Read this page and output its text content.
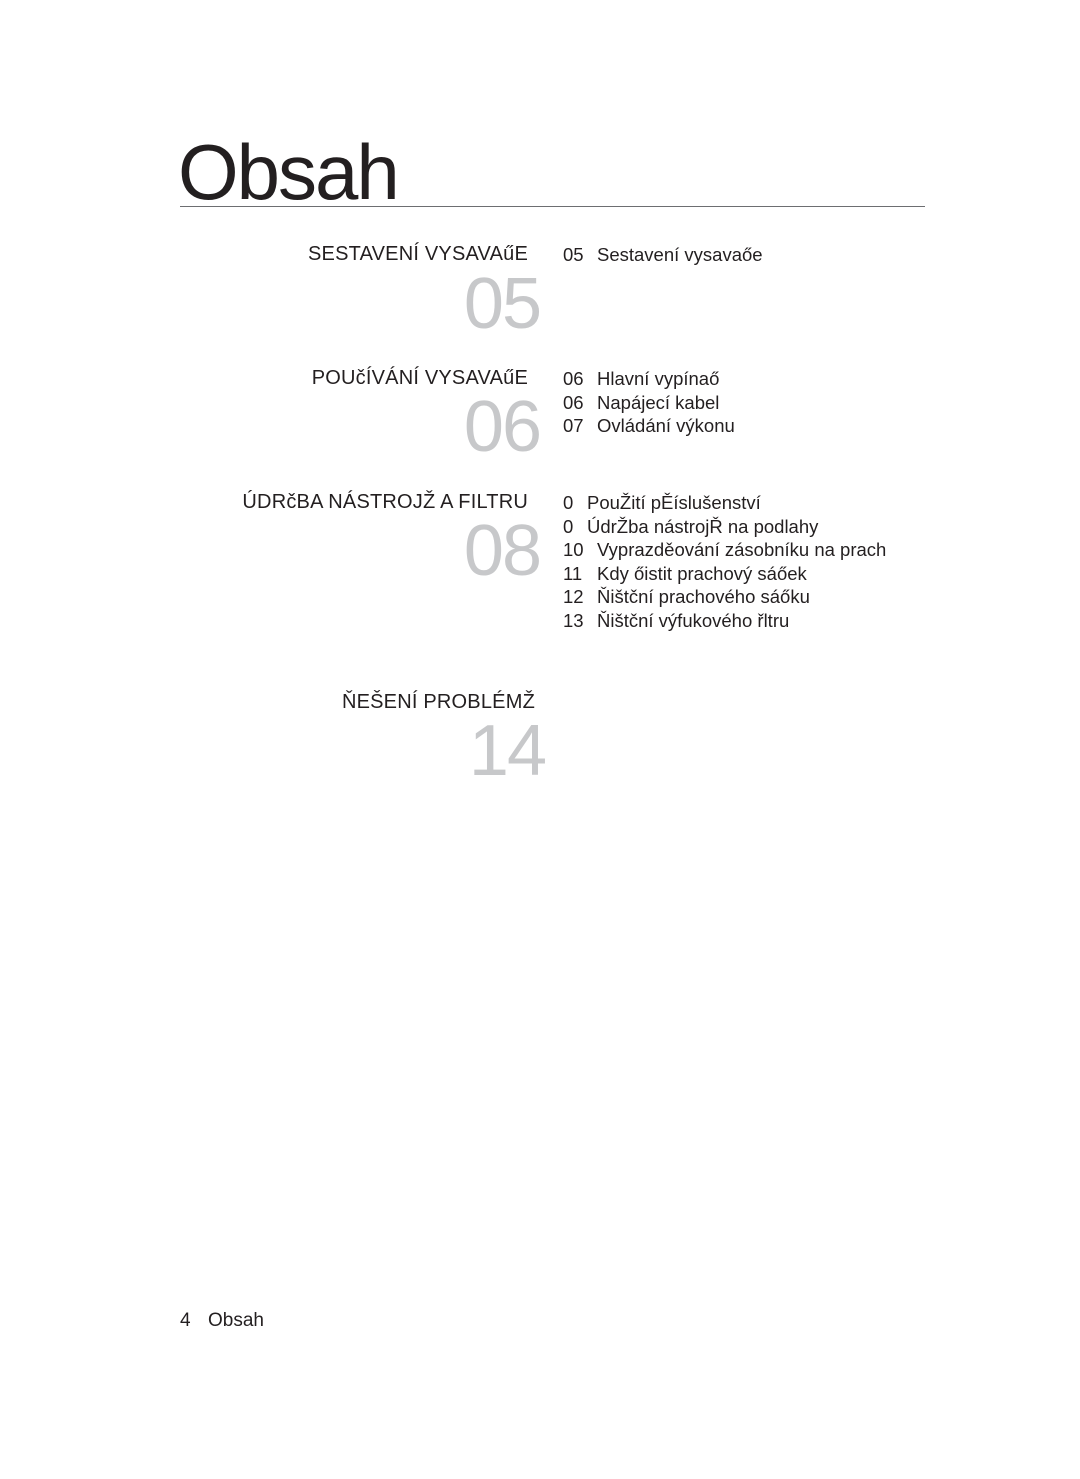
Obsah
SESTAVENÍ VYSAVAűE
05
05 Sestavení vysavaőe
POUčÍVÁNÍ VYSAVAűE
06
06 Hlavní vypínaő
06 Napájecí kabel
07 Ovládání výkonu
ÚDRčBA NÁSTROJŽ A FILTRU
08
0 PouŽití pĚíslušenství
0 ÚdrŽba nástrojŘ na podlahy
10 Vyprazděování zásobníku na prach
11 Kdy őistit prachový sáőek
12 Ňištční prachového sáőku
13 Ňištční výfukového řltru
ŇEŠENÍ PROBLÉMŽ
14
4 Obsah
